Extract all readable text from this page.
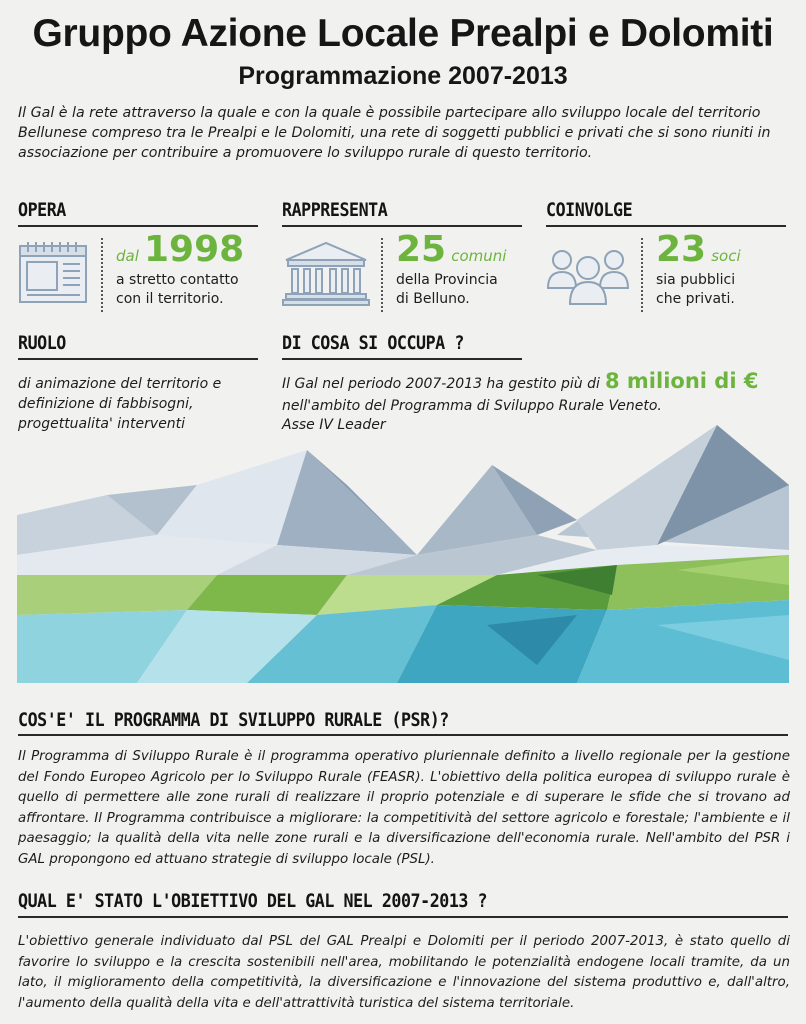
Gruppo Azione Locale Prealpi e Dolomiti
Programmazione 2007-2013
Il Gal è la rete attraverso la quale e con la quale è possibile partecipare allo sviluppo locale del territorio Bellunese compreso tra le Prealpi e le Dolomiti, una rete di soggetti pubblici e privati che si sono riuniti in associazione per contribuire a promuovere lo sviluppo rurale di questo territorio.
OPERA
dal 1998
a stretto contatto
con il territorio.
RAPPRESENTA
25 comuni
della Provincia
di Belluno.
COINVOLGE
23 soci
sia pubblici
che privati.
RUOLO
di animazione del territorio e
definizione di fabbisogni,
progettualita' interventi
DI COSA SI OCCUPA ?
Il Gal nel periodo 2007-2013 ha gestito più di 8 milioni di €
nell'ambito del Programma di Sviluppo Rurale Veneto.
Asse IV Leader
COS'E' IL PROGRAMMA DI SVILUPPO RURALE (PSR)?
Il Programma di Sviluppo Rurale è il programma operativo pluriennale definito a livello regionale per la gestione del Fondo Europeo Agricolo per lo Sviluppo Rurale (FEASR). L'obiettivo della politica europea di sviluppo rurale è quello di permettere alle zone rurali di realizzare il proprio potenziale e di superare le sfide che si trovano ad affrontare. Il Programma contribuisce a migliorare: la competitività del settore agricolo e forestale; l'ambiente e il paesaggio; la qualità della vita nelle zone rurali e la diversificazione dell'economia rurale. Nell'ambito del PSR i GAL propongono ed attuano strategie di sviluppo locale (PSL).
QUAL E' STATO L'OBIETTIVO DEL GAL NEL 2007-2013 ?
L'obiettivo generale individuato dal PSL del GAL Prealpi e Dolomiti per il periodo 2007-2013, è stato quello di favorire lo sviluppo e la crescita sostenibili nell'area, mobilitando le potenzialità endogene locali tramite, da un lato, il miglioramento della competitività, la diversificazione e l'innovazione del sistema produttivo e, dall'altro, l'aumento della qualità della vita e dell'attrattività turistica del sistema territoriale.
